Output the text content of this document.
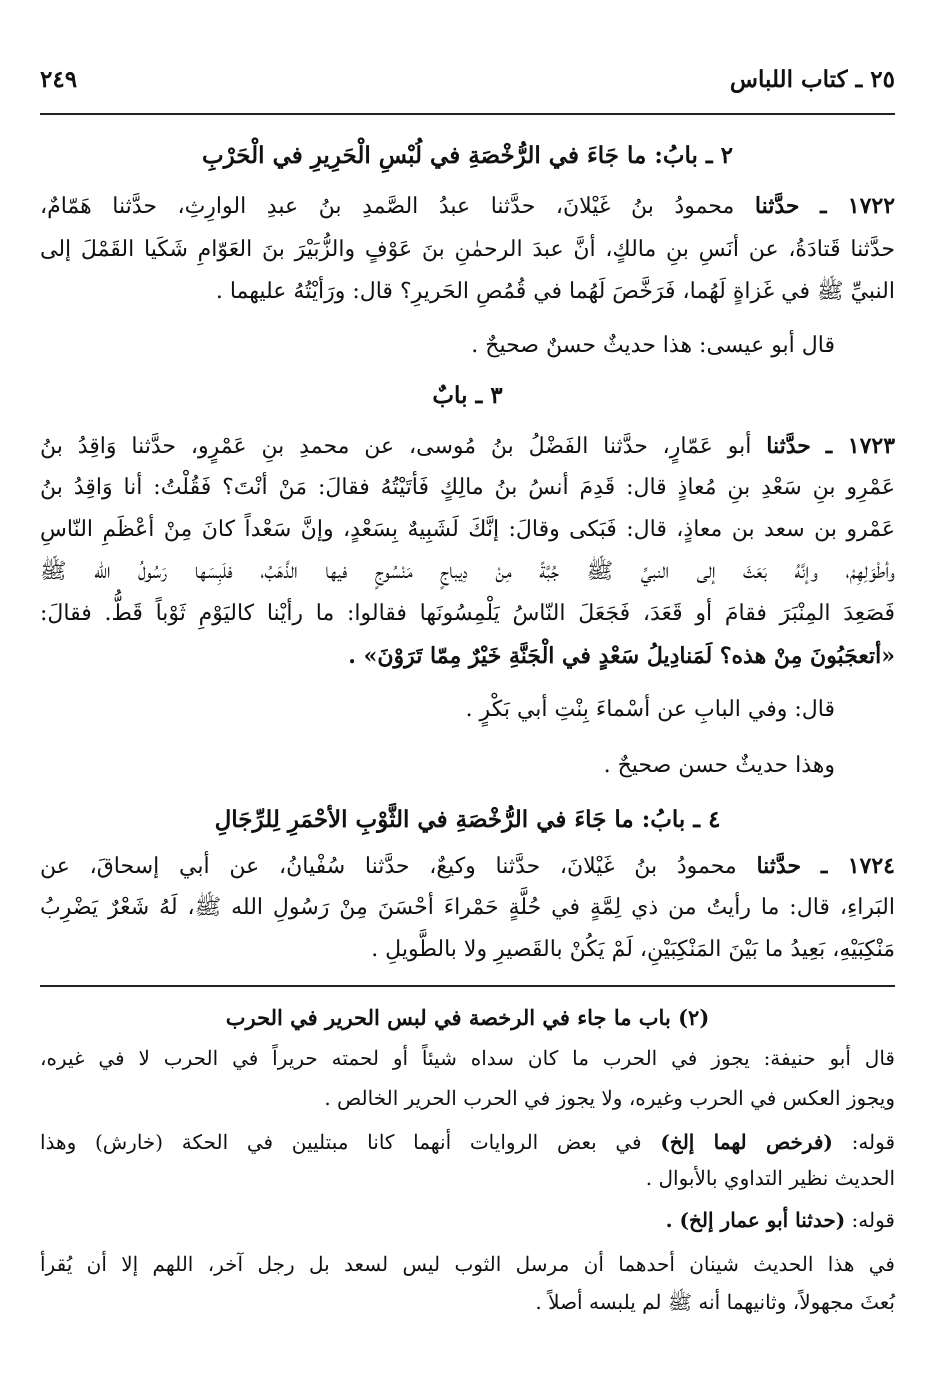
٢٥ ـ كتاب اللباس
٢٤٩
٢ ـ بابُ: ما جَاءَ في الرُّخْصَةِ في لُبْسِ الْحَرِيرِ في الْحَرْبِ
١٧٢٢ ـ حدَّثنا محمودُ بنُ غَيْلانَ، حدَّثنا عبدُ الصَّمدِ بنُ عبدِ الوارِثِ، حدَّثنا هَمّامٌ،
حدَّثنا قَتادَةُ، عن أنَسِ بنِ مالكٍ، أنَّ عبدَ الرحمٰنِ بنَ عَوْفٍ والزُّبَيْرَ بنَ العَوّامِ شَكَيا القَمْلَ إلى
النبيِّ ﷺ في غَزاةٍ لَهُما، فَرَخَّصَ لَهُما في قُمُصِ الحَريرِ؟ قال: ورَأيْتُهُ عليهما .
قال أبو عيسى: هذا حديثٌ حسنٌ صحيحٌ .
٣ ـ بابٌ
١٧٢٣ ـ حدَّثنا أبو عَمّارٍ، حدَّثنا الفَضْلُ بنُ مُوسى، عن محمدِ بنِ عَمْرٍو، حدَّثنا وَاقِدُ بنُ
عَمْرِو بنِ سَعْدِ بنِ مُعاذٍ قال: قَدِمَ أنسُ بنُ مالِكٍ فَأتَيْتُهُ فقالَ: مَنْ أنْتَ؟ فَقُلْتُ: أنا وَاقِدُ بنُ
عَمْرو بن سعد بن معاذٍ، قال: فَبَكى وقالَ: إنَّكَ لَشَبِيهٌ بِسَعْدٍ، وإنَّ سَعْداً كانَ مِنْ أعْظَمِ النّاسِ
وأطْوَلِهِمْ، وإنَّهُ بَعَثَ إلى النبيِّ ﷺ جُبَّةً مِنْ دِيباجٍ مَنْسُوجٍ فيها الذَّهَبُ، فلَبِسَها رَسُولُ الله ﷺ
فَصَعِدَ المِنْبَرَ فقامَ أو قَعَدَ، فَجَعَلَ النّاسُ يَلْمِسُونَها فقالوا: ما رأيْنا كاليَوْمِ ثَوْباً قَطُّ. فقالَ:
«أتعجَبُونَ مِنْ هذه؟ لَمَنادِيلُ سَعْدٍ في الْجَنَّةِ خَيْرٌ مِمّا تَرَوْنَ» .
قال: وفي البابِ عن أسْماءَ بِنْتِ أبي بَكْرٍ .
وهذا حديثٌ حسن صحيحٌ .
٤ ـ بابُ: ما جَاءَ في الرُّخْصَةِ في الثَّوْبِ الأحْمَرِ لِلرِّجَالِ
١٧٢٤ ـ حدَّثنا محمودُ بنُ غَيْلانَ، حدَّثنا وكيعٌ، حدَّثنا سُفْيانُ، عن أبي إسحاقَ، عن
البَراءِ، قال: ما رأيتُ من ذي لِمَّةٍ في حُلَّةٍ حَمْراءَ أحْسَنَ مِنْ رَسُولِ الله ﷺ، لَهُ شَعْرٌ يَضْرِبُ
مَنْكِبَيْهِ، بَعِيدُ ما بَيْنَ المَنْكِبَيْنِ، لَمْ يَكُنْ بالقَصيرِ ولا بالطَّويلِ .
(٢) باب ما جاء في الرخصة في لبس الحرير في الحرب
قال أبو حنيفة: يجوز في الحرب ما كان سداه شيئاً أو لحمته حريراً في الحرب لا في غيره،
ويجوز العكس في الحرب وغيره، ولا يجوز في الحرب الحرير الخالص .
قوله: (فرخص لهما إلخ) في بعض الروايات أنهما كانا مبتليين في الحكة (خارش) وهذا
الحديث نظير التداوي بالأبوال .
قوله: (حدثنا أبو عمار إلخ) .
في هذا الحديث شينان أحدهما أن مرسل الثوب ليس لسعد بل رجل آخر، اللهم إلا أن يُقرأ
بُعثَ مجهولاً، وثانيهما أنه ﷺ لم يلبسه أصلاً .
